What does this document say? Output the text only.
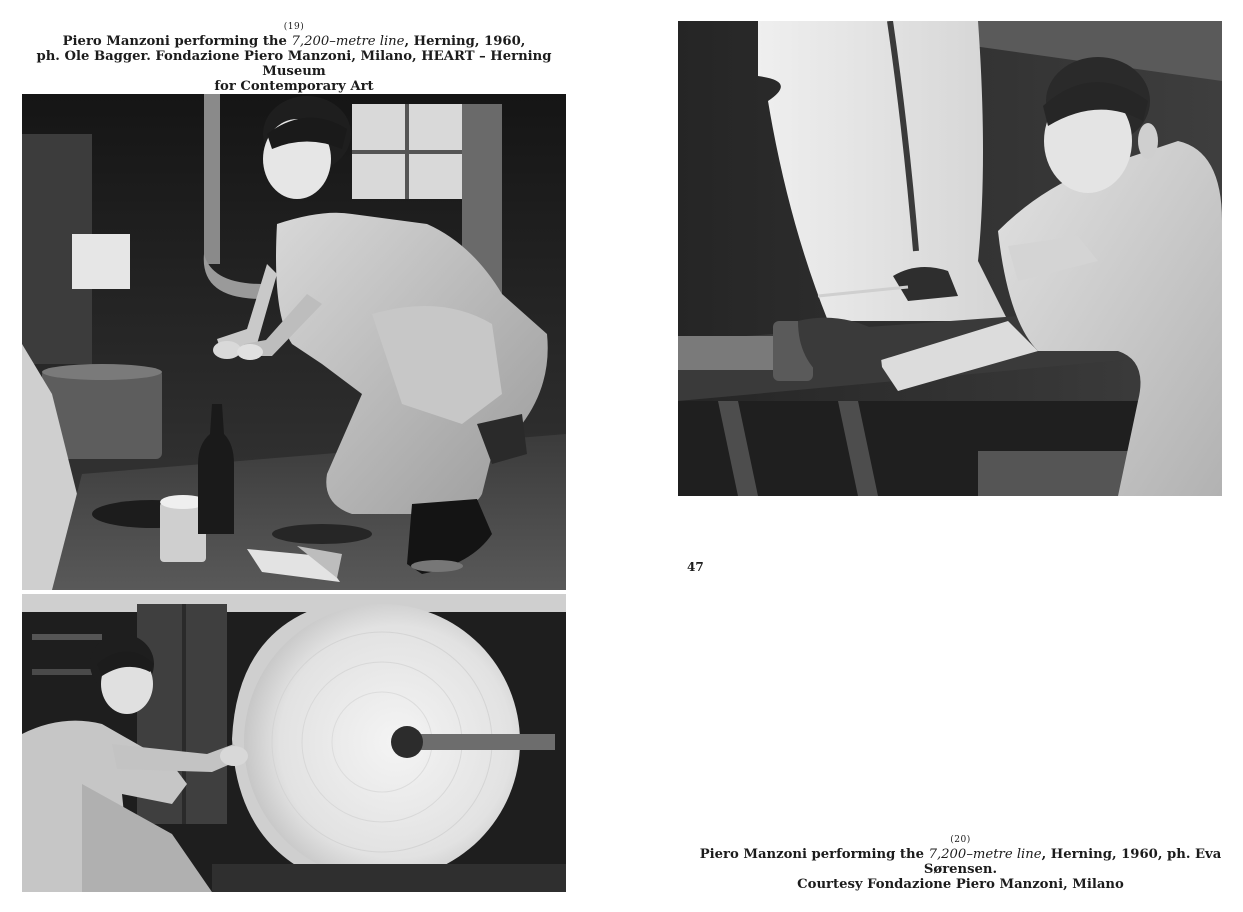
(19)
Piero Manzoni performing the 7,200–metre line, Herning, 1960,
ph. Ole Bagger. Fondazione Piero Manzoni, Milano, HEART – Herning Museum
for Contemporary Art
47
(20)
Piero Manzoni performing the 7,200–metre line, Herning, 1960, ph. Eva Sørensen.
Courtesy Fondazione Piero Manzoni, Milano
